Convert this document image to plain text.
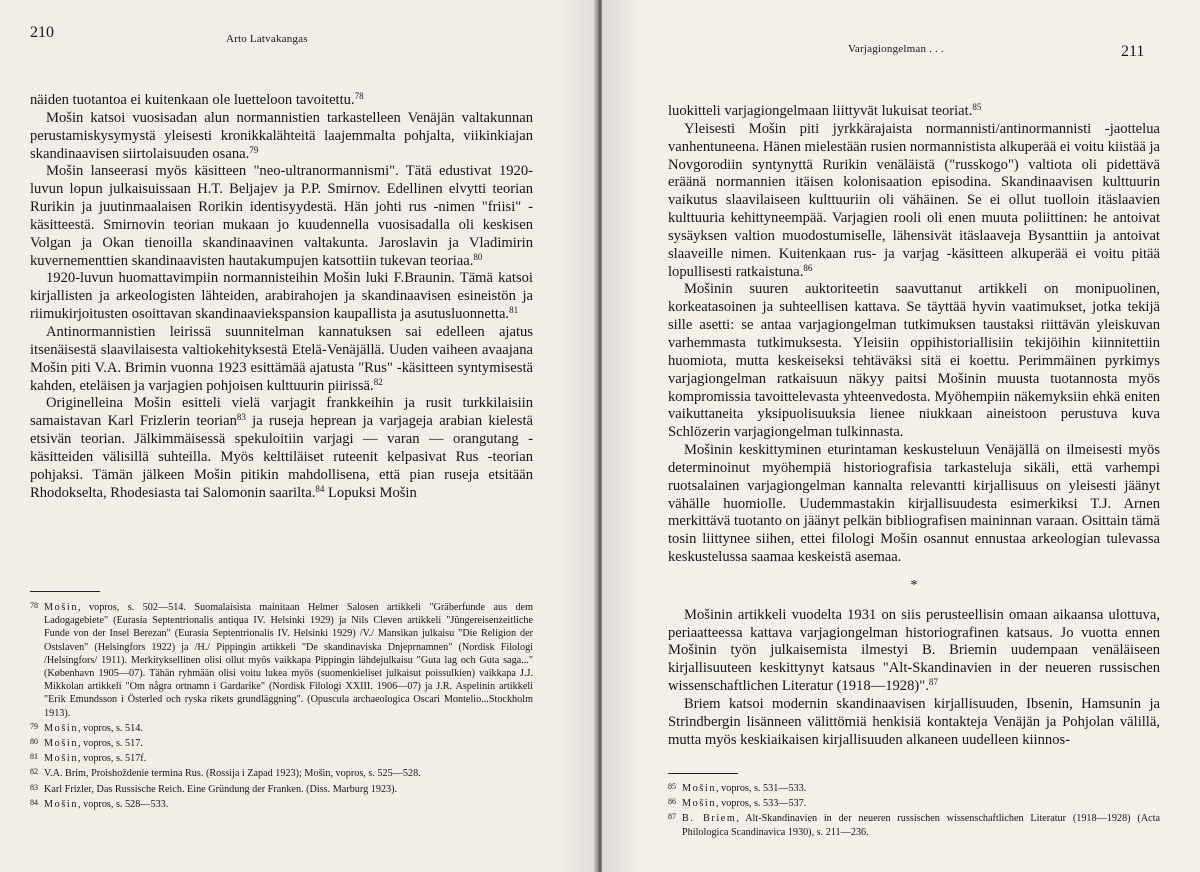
210	Arto Latvakangas

näiden tuotantoa ei kuitenkaan ole luetteloon tavoitettu.$^{78}$

Mošin katsoi vuosisadan alun normannistien tarkastelleen Venäjän valtakunnan perustamiskysymystä yleisesti kronikkalähteitä laajemmalta pohjalta, viikinkiajan skandinaavisen siirtolaisuuden osana.$^{79}$

Mošin lanseerasi myös käsitteen "neo-ultranormannismi". Tätä edustivat 1920-luvun lopun julkaisuissaan H.T. Beljajev ja P.P. Smirnov. Edellinen elvytti teorian Rurikin ja juutinmaalaisen Rorikin identisyydestä. Hän johti rus -nimen "friisi" -käsitteestä. Smirnovin teorian mukaan jo kuudennella vuosisadalla oli keskisen Volgan ja Okan tienoilla skandinaavinen valtakunta. Jaroslavin ja Vladimirin kuvernementtien skandinaavisten hautakumpujen katsottiin tukevan teoriaa.$^{80}$

1920-luvun huomattavimpiin normannisteihin Mošin luki F.Braunin. Tämä katsoi kirjallisten ja arkeologisten lähteiden, arabirahojen ja skandinaavisen esineistön ja riimukirjoitusten osoittavan skandinaaviekspansion kaupallista ja asutusluonnetta.$^{81}$

Antinormannistien leirissä suunnitelman kannatuksen sai edelleen ajatus itsenäisestä slaavilaisesta valtiokehityksestä Etelä-Venäjällä. Uuden vaiheen avaajana Mošin piti V.A. Brimin vuonna 1923 esittämää ajatusta "Rus" -käsitteen syntymisestä kahden, eteläisen ja varjagien pohjoisen kulttuurin piirissä.$^{82}$

Originelleina Mošin esitteli vielä varjagit frankkeihin ja rusit turkkilaisiin samaistavan Karl Frizlerin teorian$^{83}$ ja ruseja heprean ja varjageja arabian kielestä etsivän teorian. Jälkimmäisessä spekuloitiin varjagi — varan — orangutang -käsitteiden välisillä suhteilla. Myös kelttiläiset ruteenit kelpasivat Rus -teorian pohjaksi. Tämän jälkeen Mošin pitikin mahdollisena, että pian ruseja etsitään Rhodokselta, Rhodesiasta tai Salomonin saarilta.$^{84}$ Lopuksi Mošin

78 Mošin, vopros, s. 502—514. Suomalaisista mainitaan Helmer Salosen artikkeli "Gräberfunde aus dem Ladogagebiete" (Eurasia Septentrionalis antiqua IV. Helsinki 1929) ja Nils Cleven artikkeli "Jüngereisenzeitliche Funde von der Insel Berezan" (Eurasia Septentrionalis IV. Helsinki 1929) /V./ Mansikan julkaisu "Die Religion der Ostslaven" (Helsingfors 1922) ja /H./ Pippingin artikkeli "De skandinaviska Dnjeprnamnen" (Nordisk Filologi /Helsingfors/ 1911). Merkityksellinen olisi ollut myös vaikkapa Pippingin lähdejulkaisu "Guta lag och Guta saga..." (København 1905—07). Tähän ryhmään olisi voitu lukea myös (suomenkieliset julkaisut poissulkien) vaikkapa J.J. Mikkolan artikkeli "Om några ortnamn i Gardarike" (Nordisk Filologi XXIII. 1906—07) ja J.R. Aspelinin artikkeli "Erik Emundsson i Österled och ryska rikets grundläggning". (Opuscula archaeologica Oscari Montelio...Stockholm 1913).

79 Mošin, vopros, s. 514.

80 Mošin, vopros, s. 517.

81 Mošin, vopros, s. 517f.

82 V.A. Brim, Proishoždenie termina Rus. (Rossija i Zapad 1923); Mošin, vopros, s. 525—528.

83 Karl Frizler, Das Russische Reich. Eine Gründung der Franken. (Diss. Marburg 1923).

84 Mošin, vopros, s. 528—533.

Varjagiongelman . . .	211

luokitteli varjagiongelmaan liittyvät lukuisat teoriat.$^{85}$

Yleisesti Mošin piti jyrkkärajaista normannisti/antinormannisti -jaottelua vanhentuneena. Hänen mielestään rusien normannistista alkuperää ei voitu kiistää ja Novgorodiin syntynyttä Rurikin venäläistä ("russkogo") valtiota oli pidettävä eräänä normannien itäisen kolonisaation episodina. Skandinaavisen kulttuurin vaikutus slaavilaiseen kulttuuriin oli vähäinen. Se ei ollut tuolloin itäslaavien kulttuuria kehittyneempää. Varjagien rooli oli enen muuta poliittinen: he antoivat sysäyksen valtion muodostumiselle, lähensivät itäslaaveja Bysanttiin ja antoivat slaaveille nimen. Kuitenkaan rus- ja varjag -käsitteen alkuperää ei voitu pitää lopullisesti ratkaistuna.$^{86}$

Mošinin suuren auktoriteetin saavuttanut artikkeli on monipuolinen, korkeatasoinen ja suhteellisen kattava. Se täyttää hyvin vaatimukset, jotka tekijä sille asetti: se antaa varjagiongelman tutkimuksen taustaksi riittävän yleiskuvan varhemmasta tutkimuksesta. Yleisiin oppihistoriallisiin tekijöihin kiinnitettiin huomiota, mutta keskeiseksi tehtäväksi sitä ei koettu. Perimmäinen pyrkimys varjagiongelman ratkaisuun näkyy paitsi Mošinin muusta tuotannosta myös kompromissia tavoittelevasta yhteenvedosta. Myöhempiin näkemyksiin ehkä eniten vaikuttaneita yksipuolisuuksia lienee niukkaan aineistoon perustuva kuva Schlözerin varjagiongelman tulkinnasta.

Mošinin keskittyminen eturintaman keskusteluun Venäjällä on ilmeisesti myös determinoinut myöhempiä historiografisia tarkasteluja sikäli, että varhempi ruotsalainen varjagiongelman kannalta relevantti kirjallisuus on yleisesti jäänyt vähälle huomiolle. Uudemmastakin kirjallisuudesta esimerkiksi T.J. Arnen merkittävä tuotanto on jäänyt pelkän bibliografisen maininnan varaan. Osittain tämä tosin liittynee siihen, ettei filologi Mošin osannut ennustaa arkeologian tulevassa keskustelussa saamaa keskeistä asemaa.

*

Mošinin artikkeli vuodelta 1931 on siis perusteellisin omaan aikaansa ulottuva, periaatteessa kattava varjagiongelman historiografinen katsaus. Jo vuotta ennen Mošinin työn julkaisemista ilmestyi B. Briemin uudempaan venäläiseen kirjallisuuteen keskittynyt katsaus "Alt-Skandinavien in der neueren russischen wissenschaftlichen Literatur (1918—1928)".$^{87}$

Briem katsoi modernin skandinaavisen kirjallisuuden, Ibsenin, Hamsunin ja Strindbergin lisänneen välittömiä henkisiä kontakteja Venäjän ja Pohjolan välillä, mutta myös keskiaikaisen kirjallisuuden alkaneen uudelleen kiinnos-

85 Mošin, vopros, s. 531—533.

86 Mošin, vopros, s. 533—537.

87 B. Briem, Alt-Skandinavien in der neueren russischen wissenschaftlichen Literatur (1918—1928) (Acta Philologica Scandinavica 1930), s. 211—236.
